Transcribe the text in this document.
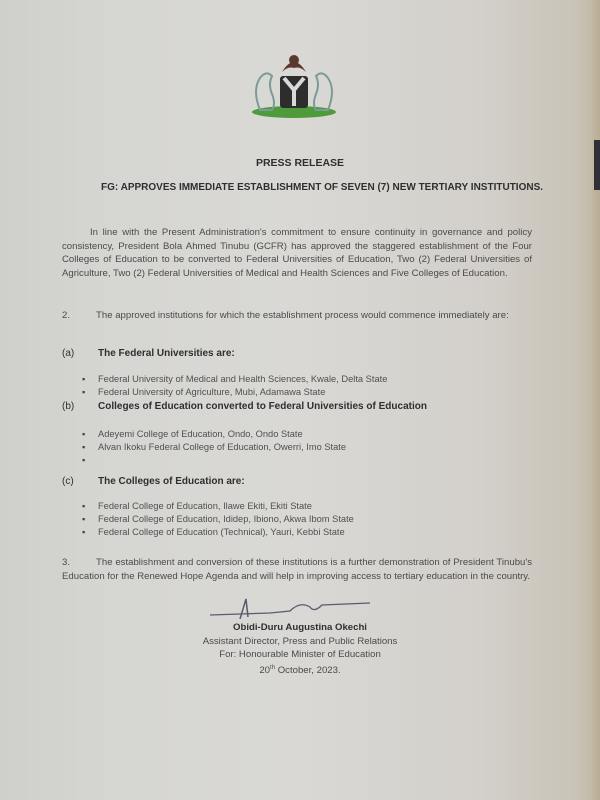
PRESS RELEASE
FG: APPROVES IMMEDIATE ESTABLISHMENT OF SEVEN (7) NEW TERTIARY INSTITUTIONS.
In line with the Present Administration's commitment to ensure continuity in governance and policy consistency, President Bola Ahmed Tinubu (GCFR) has approved the staggered establishment of the Four Colleges of Education to be converted to Federal Universities of Education, Two (2) Federal Universities of Agriculture, Two (2) Federal Universities of Medical and Health Sciences and Five Colleges of Education.
2.	The approved institutions for which the establishment process would commence immediately are:
(a) The Federal Universities are:
▪ Federal University of Medical and Health Sciences, Kwale, Delta State
▪ Federal University of Agriculture, Mubi, Adamawa State
(b) Colleges of Education converted to Federal Universities of Education
▪ Adeyemi College of Education, Ondo, Ondo State
▪ Alvan Ikoku Federal College of Education, Owerri, Imo State
▪
(c) The Colleges of Education are:
▪ Federal College of Education, Ilawe Ekiti, Ekiti State
▪ Federal College of Education, Ididep, Ibiono, Akwa Ibom State
▪ Federal College of Education (Technical), Yauri, Kebbi State
3.	The establishment and conversion of these institutions is a further demonstration of President Tinubu's Education for the Renewed Hope Agenda and will help in improving access to tertiary education in the country.
Obidi-Duru Augustina Okechi
Assistant Director, Press and Public Relations
For: Honourable Minister of Education
20th October, 2023.
